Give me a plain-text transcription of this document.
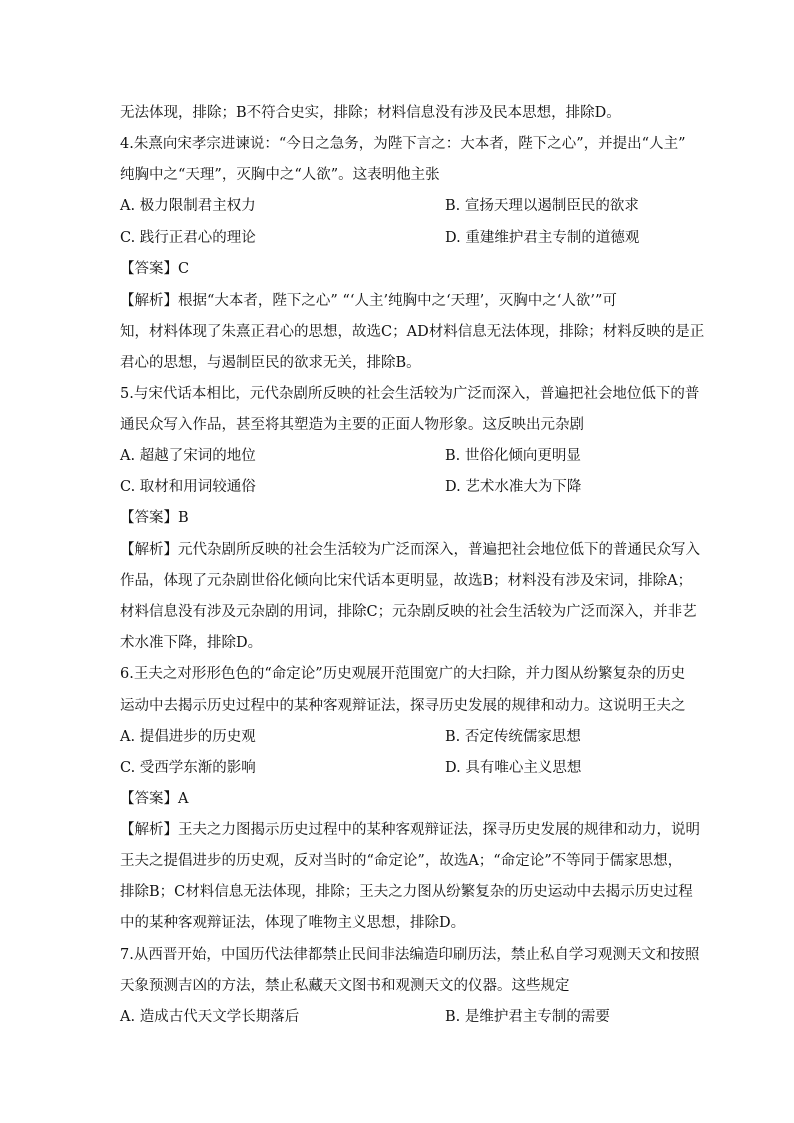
无法体现，排除；B不符合史实，排除；材料信息没有涉及民本思想，排除D。
4.朱熹向宋孝宗进谏说：“今日之急务，为陛下言之：大本者，陛下之心”，并提出“人主”
纯胸中之“天理”，灭胸中之“人欲”。这表明他主张
A. 极力限制君主权力	B. 宣扬天理以遏制臣民的欲求
C. 践行正君心的理论	D. 重建维护君主专制的道德观
【答案】C
【解析】根据“大本者，陛下之心” “‘人主’纯胸中之‘天理’，灭胸中之‘人欲’”可
知，材料体现了朱熹正君心的思想，故选C；AD材料信息无法体现，排除；材料反映的是正
君心的思想，与遏制臣民的欲求无关，排除B。
5.与宋代话本相比，元代杂剧所反映的社会生活较为广泛而深入，普遍把社会地位低下的普
通民众写入作品，甚至将其塑造为主要的正面人物形象。这反映出元杂剧
A. 超越了宋词的地位	B. 世俗化倾向更明显
C. 取材和用词较通俗	D. 艺术水准大为下降
【答案】B
【解析】元代杂剧所反映的社会生活较为广泛而深入，普遍把社会地位低下的普通民众写入
作品，体现了元杂剧世俗化倾向比宋代话本更明显，故选B；材料没有涉及宋词，排除A；
材料信息没有涉及元杂剧的用词，排除C；元杂剧反映的社会生活较为广泛而深入，并非艺
术水准下降，排除D。
6.王夫之对形形色色的“命定论”历史观展开范围宽广的大扫除，并力图从纷繁复杂的历史
运动中去揭示历史过程中的某种客观辩证法，探寻历史发展的规律和动力。这说明王夫之
A. 提倡进步的历史观	B. 否定传统儒家思想
C. 受西学东渐的影响	D. 具有唯心主义思想
【答案】A
【解析】王夫之力图揭示历史过程中的某种客观辩证法，探寻历史发展的规律和动力，说明
王夫之提倡进步的历史观，反对当时的“命定论”，故选A；“命定论”不等同于儒家思想，
排除B；C材料信息无法体现，排除；王夫之力图从纷繁复杂的历史运动中去揭示历史过程
中的某种客观辩证法，体现了唯物主义思想，排除D。
7.从西晋开始，中国历代法律都禁止民间非法编造印刷历法，禁止私自学习观测天文和按照
天象预测吉凶的方法，禁止私藏天文图书和观测天文的仪器。这些规定
A. 造成古代天文学长期落后	B. 是维护君主专制的需要
